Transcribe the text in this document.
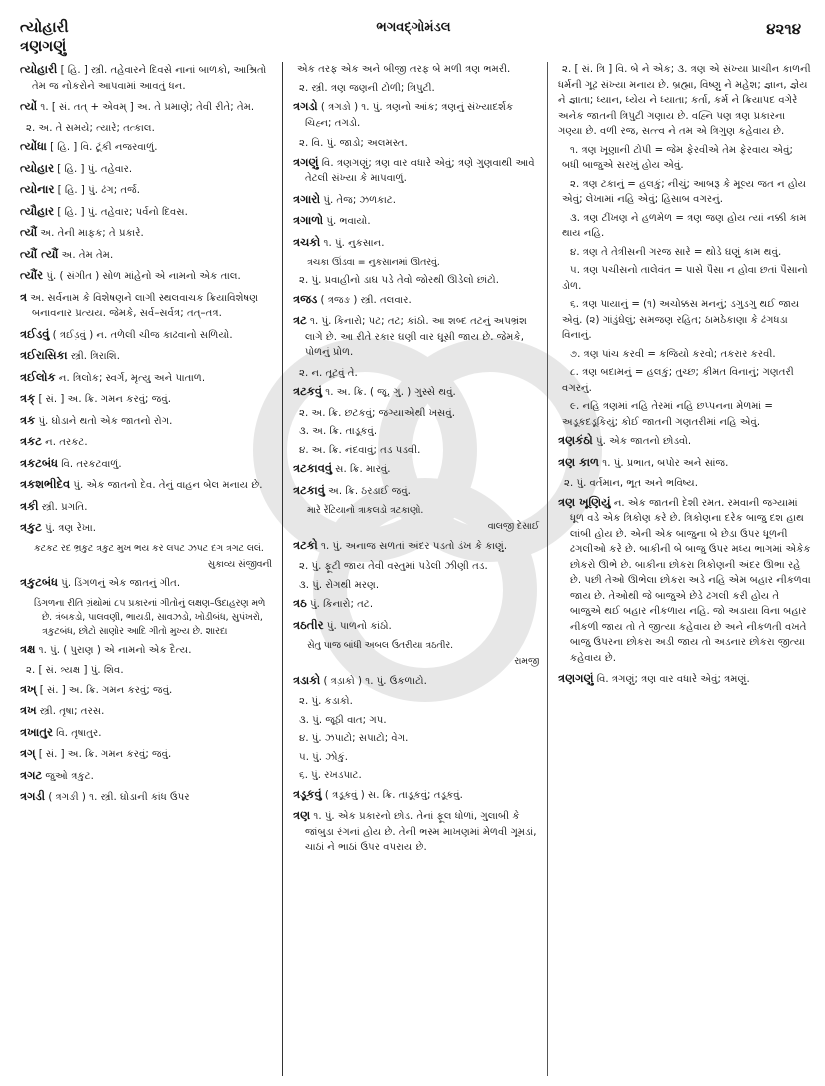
ત્યોહારી
ત્રણગણું
ભગવદ્ગોમંડલ	૪૨૧૪
ત્યોહારી [ હિ. ] સ્ત્રી. તહેવારને દિવસે નાનાં બાળકો, આશ્રિતો તેમ જ નોકરોને આપવામાં આવતું ધન.
ત્યોં ૧. [ સં. તત્ + એવમ્ ] અ. તે પ્રમાણે; તેવી રીતે; તેમ.
૨. અ. તે સમયે; ત્યારે; તત્કાલ.
ત્યોંધા [ હિ. ] વિ. ટૂંકી નજરવાળું.
ત્યોહાર [ હિ. ] પું. તહેવાર.
ત્યોનાર [ હિ. ] પું. ઢંગ; તર્જ.
ત્યૌહાર [ હિ. ] પું. તહેવાર; પર્વનો દિવસ.
ત્યૌં અ. તેની માફક; તે પ્રકારે.
ત્યૌં ત્યૌં અ. તેમ તેમ.
ત્યૌંર પું. ( સંગીત ) સોળ માંહેનો એ નામનો એક તાલ.
ત્ર અ. સર્વનામ કે વિશેષણને લાગી સ્થલવાચક ક્રિયાવિશેષણ બનાવનાર પ્રત્યય. જેમકે, સર્વ–સર્વત્ર; તત્–તત્ર.
ત્રઈડવું ( ત્રઈડ઼વું ) ન. તળેલી ચીજ કાઢવાનો સળિયો.
ત્રઈરાસિકા સ્ત્રી. ત્રિરાશિ.
ત્રઈલોક ન. ત્રિલોક; સ્વર્ગ, મૃત્યુ અને પાતાળ.
ત્રક્ [ સં. ] અ. ક્રિ. ગમન કરવું; જવું.
ત્રક પું. ઘોડાને થતો એક જાતનો રોગ.
ત્રકટ ન. તરકટ.
ત્રકટબંધ વિ. તરકટવાળું.
ત્રકશભીદેવ પું. એક જાતનો દેવ. તેનું વાહન બેલ મનાય છે.
ત્રકી સ્ત્રી. પ્રગતિ.
ત્રકુટ પું. ત્રણ રેખા.
કટકટ રદ ભ્રકુટ ત્રકુટ મુખ ભય કર લપટ ઝપટ દગ ત્રગટ લલં.
સુકાવ્ય સંજીવની
ત્રકુટબંધ પું. ડિંગળનું એક જાતનું ગીત.
ડિંગળના રીતિ ગ્રંથોમાં ૮૫ પ્રકારનાં ગીતોનું લક્ષણ–ઉદાહરણ મળે છે. ત્રંબકડો, પાલવણી, ભાયડી, સાવઝડો, ખોડીબંધ, સુપંખરો, ત્રકુટબંધ, છોટો સાણોર આદિ ગીતો મુખ્ય છે. શારદા
ત્રક્ષ ૧. પું. ( પુરાણ ) એ નામનો એક દૈત્ય.
૨. [ સં. ત્ર્યક્ષ ] પું. શિવ.
ત્રખ્ [ સં. ] અ. ક્રિ. ગમન કરવું; જવું.
ત્રખ સ્ત્રી. તૃષા; તરસ.
ત્રખાતુર વિ. તૃષાતુર.
ત્રગ્ [ સં. ] અ. ક્રિ. ગમન કરવું; જવું.
ત્રગટ જુઓ ત્રકુટ.
ત્રગડી ( ત્રગઙી ) ૧. સ્ત્રી. ઘોડાની કાંધ ઉપર
એક તરફ એક અને બીજી તરફ બે મળી ત્રણ ભમરી.
૨. સ્ત્રી. ત્રણ જણની ટોળી; ત્રિપુટી.
ત્રગડો ( ત્રગઙો ) ૧. પું. ત્રણનો આંક; ત્રણનું સંખ્યાદર્શક ચિહ્ન; તગડો.
૨. વિ. પું. જાડો; અલમસ્ત.
ત્રગણું વિ. ત્રણગણું; ત્રણ વાર વધારે એવું; ત્રણે ગુણવાથી આવે તેટલી સંખ્યા કે માપવાળું.
ત્રગારો પું. તેજ; ઝળકાટ.
ત્રગાળો પું. ભવાયો.
ત્રચકો ૧. પું. નુકસાન.
ત્રચકા ઊંડવા = નુકસાનમાં ઊતરવું.
૨. પું. પ્રવાહીનો ડાઘ પડે તેવો જોરથી ઊડેલો છાંટો.
ત્રજડ ( ત્રજઙ ) સ્ત્રી. તલવાર.
ત્રટ ૧. પું. કિનારો; પટ; તટ; કાંઠો. આ શબ્દ તટનું અપભ્રંશ લાગે છે. આ રીતે રકાર ઘણી વાર ઘૂસી જાય છે. જેમકે, પોળનું પ્રોળ.
૨. ન. તૂટવું તે.
ત્રટકવું ૧. અ. ક્રિ. ( જૂ. ગુ. ) ગુસ્સે થવું.
૨. અ. ક્રિ. છટકવું; જગ્યાએથી ખસવું.
૩. અ. ક્રિ. તાડૂકવું.
૪. અ. ક્રિ. નંદવાવું; તડ પડવી.
ત્રટકાવવું સ. ક્રિ. મારવું.
ત્રટકાવું અ. ક્રિ. ઠરડાઈ જવું.
મારે રેંટિયાનો ત્રાકલડો ત્રટકાણો.
વાલજી દેસાઈ
ત્રટકો ૧. પું. અનાજ સળતાં અંદર પડતો ડંખ કે કાણું.
૨. પું. ફૂટી જાય તેવી વસ્તુમાં પડેલી ઝીણી તડ.
૩. પું. રોગથી મરણ.
ત્રઠ પું. કિનારો; તટ.
ત્રઠતીર પું. પાળનો કાંઠો.
સેતુ પાજ બાંધી અબલ ઉતરીયા ત્રઠતીર.
રામજી
ત્રડાકો ( ત્રડ઼ાકો ) ૧. પું. ઉકળાટો.
૨. પું. કડાકો.
૩. પું. જૂઠી વાત; ગપ.
૪. પું. ઝપાટો; સપાટો; વેગ.
૫. પું. ઝોકું.
૬. પું. રખડપાટ.
ત્રડૂકવું ( ત્રડ઼ૂકવું ) સ. ક્રિ. તાડૂકવું; તડૂકવું.
ત્રણ ૧. પું. એક પ્રકારનો છોડ. તેનાં ફૂલ ધોળાં, ગુલાબી કે જાંબુડા રંગનાં હોય છે. તેની ભસ્મ માખણમાં મેળવી ગૂમડાં, ચાઠાં ને ભાઠાં ઉપર વપરાય છે.
૨. [ સં. ત્રિ ] વિ. બે ને એક; ૩. ત્રણ એ સંખ્યા પ્રાચીન કાળની ધર્મની ગૂઢ સંખ્યા મનાય છે. બ્રહ્મા, વિષ્ણુ ને મહેશ; જ્ઞાન, જ્ઞેય ને જ્ઞાતા; ધ્યાન, ધ્યેય ને ધ્યાતા; કર્તા, કર્મ ને ક્રિયાપદ વગેરે અનેક જાતની ત્રિપુટી ગણાય છે. વહ્નિ પણ ત્રણ પ્રકારના ગણ્યા છે. વળી રજ, સત્ત્વ ને તમ એ ત્રિગુણ કહેવાય છે.
૧. ત્રણ ખૂણાની ટોપી = જેમ ફેરવીએ તેમ ફેરવાય એવું; બધી બાજુએ સરખું હોય એવું.
૨. ત્રણ ટકાનું = હલકું; નીચું; આબરૂ કે મૂલ્ય જત ન હોય એવું; લેખામાં નહિ એવું; હિસાબ વગરનું.
૩. ત્રણ ટીંખણ ને હળમેળ = ત્રણ જણ હોય ત્યાં નક્કી કામ થાય નહિ.
૪. ત્રણ તે તેત્રીસની ગરજ સારે = થોડે ઘણું કામ થવું.
૫. ત્રણ પચીસનો તાલેવંત = પાસે પૈસા ન હોવા છતાં પૈસાનો ડોળ.
૬. ત્રણ પાયાનું = (૧) અચોક્કસ મનનું; ડગુડગુ થઈ જાય એવું. (૨) ગાંડુંઘેલું; સમજણ રહિત; ઠામઠેકાણા કે ઢંગધડા વિનાનું.
૭. ત્રણ પાંચ કરવી = કજિયો કરવો; તકરાર કરવી.
૮. ત્રણ બદામનું = હલકું; તુચ્છ; કીમત વિનાનું; ગણતરી વગરનું.
૯. નહિ ત્રણમાં નહિ તેરમાં નહિ છપ્પનના મેળમાં = અડૂકદડૂકિયું; કોઈ જાતની ગણતરીમાં નહિ એવું.
ત્રણકંઠો પું. એક જાતનો છોડવો.
ત્રણ કાળ ૧. પું. પ્રભાત, બપોર અને સાંજ.
૨. પું. વર્તમાન, ભૂત અને ભવિષ્ય.
ત્રણ ખૂણિયું ન. એક જાતની દેશી રમત. રમવાની જગ્યામાં ધૂળ વડે એક ત્રિકોણ કરે છે. ત્રિકોણના દરેક બાજુ દશ હાથ લાંબી હોય છે. એની એક બાજુના બે છેડા ઉપર ધૂળની ઢગલીઓ કરે છે. બાકીની બે બાજુ ઉપર મધ્ય ભાગમાં એકેક છોકરો ઊભે છે. બાકીના છોકરા ત્રિકોણની અંદર ઊભા રહે છે. પછી તેઓ ઊભેલા છોકરા અડે નહિ એમ બહાર નીકળવા જાય છે. તેઓથી જે બાજુએ છેડે ઢગલી કરી હોય તે બાજુએ થઈ બહાર નીકળાય નહિ. જો અડાયા વિના બહાર નીકળી જાય તો તે જીત્યા કહેવાય છે અને નીકળતી વખતે બાજુ ઉપરના છોકરા અડી જાય તો અડનાર છોકરા જીત્યા કહેવાય છે.
ત્રણગણું વિ. ત્રગણું; ત્રણ વાર વધારે એવું; ત્રમણું.
